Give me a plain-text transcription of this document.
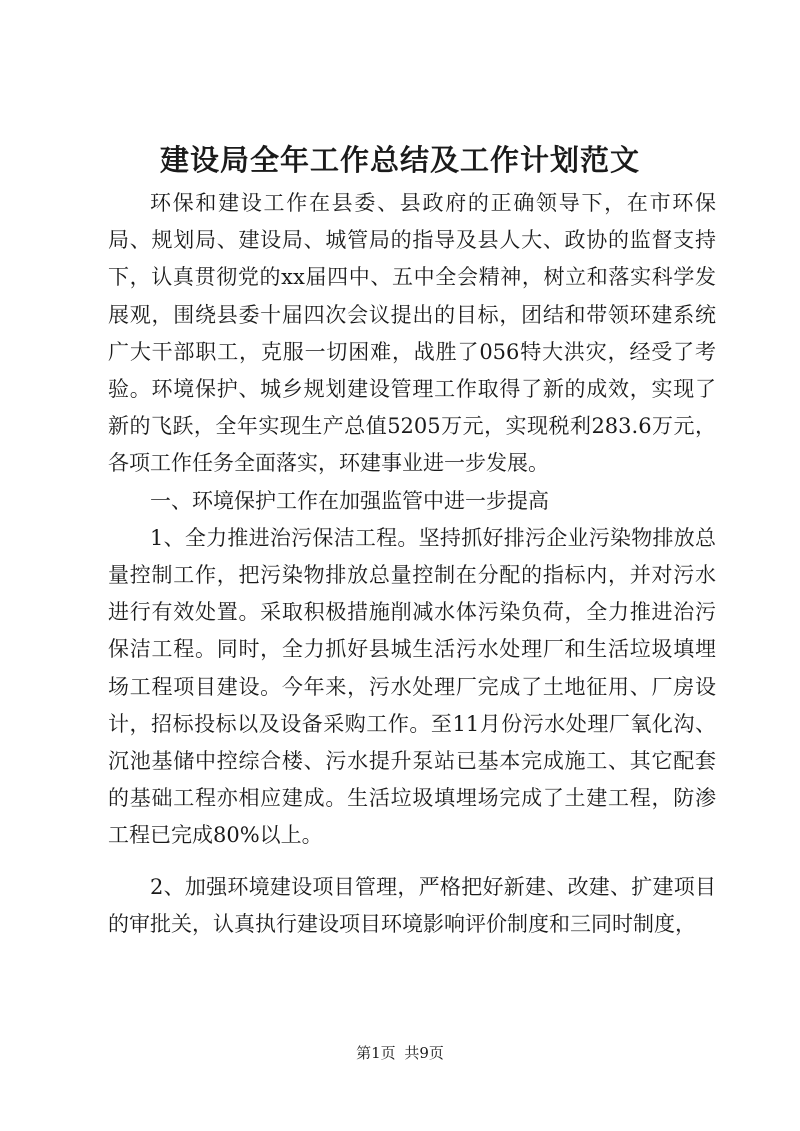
建设局全年工作总结及工作计划范文

环保和建设工作在县委、县政府的正确领导下，在市环保局、规划局、建设局、城管局的指导及县人大、政协的监督支持下，认真贯彻党的xx届四中、五中全会精神，树立和落实科学发展观，围绕县委十届四次会议提出的目标，团结和带领环建系统广大干部职工，克服一切困难，战胜了056特大洪灾，经受了考验。环境保护、城乡规划建设管理工作取得了新的成效，实现了新的飞跃，全年实现生产总值5205万元，实现税利283.6万元，各项工作任务全面落实，环建事业进一步发展。

一、环境保护工作在加强监管中进一步提高

1、全力推进治污保洁工程。坚持抓好排污企业污染物排放总量控制工作，把污染物排放总量控制在分配的指标内，并对污水进行有效处置。采取积极措施削减水体污染负荷，全力推进治污保洁工程。同时，全力抓好县城生活污水处理厂和生活垃圾填埋场工程项目建设。今年来，污水处理厂完成了土地征用、厂房设计，招标投标以及设备采购工作。至11月份污水处理厂氧化沟、沉池基储中控综合楼、污水提升泵站已基本完成施工、其它配套的基础工程亦相应建成。生活垃圾填埋场完成了土建工程，防渗工程已完成80%以上。

2、加强环境建设项目管理，严格把好新建、改建、扩建项目的审批关，认真执行建设项目环境影响评价制度和三同时制度，

第1页 共9页
